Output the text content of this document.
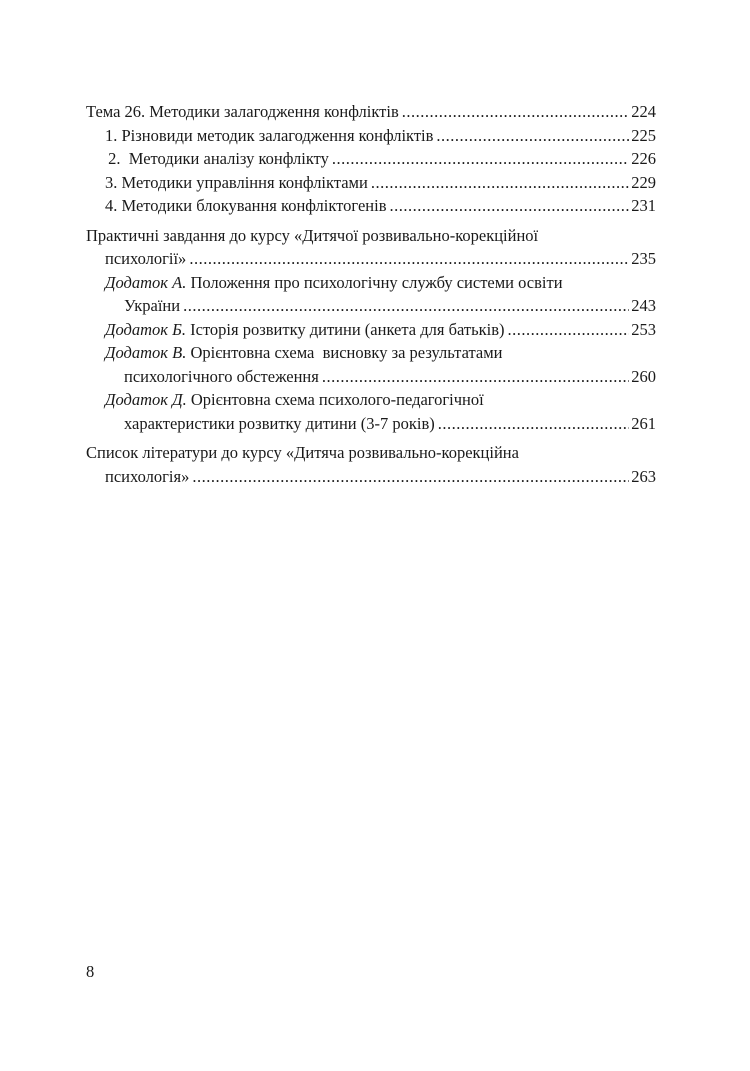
Тема 26. Методики залагодження конфліктів .....	224
1. Різновиди методик залагодження конфліктів .....	225
2.  Методики аналізу конфлікту .....	226
3. Методики управління конфліктами .....	229
4. Методики блокування конфліктогенів .....	231
Практичні завдання до курсу «Дитячої розвивально-корекційної
психології» .....	235
Додаток А. Положення про психологічну службу системи освіти
України .....	243
Додаток Б. Історія розвитку дитини (анкета для батьків) .....	253
Додаток В. Орієнтовна схема  висновку за результатами
психологічного обстеження .....	260
Додаток Д. Орієнтовна схема психолого-педагогічної
характеристики розвитку дитини (3-7 років) .....	261
Список літератури до курсу «Дитяча розвивально-корекційна
психологія» .....	263
8
